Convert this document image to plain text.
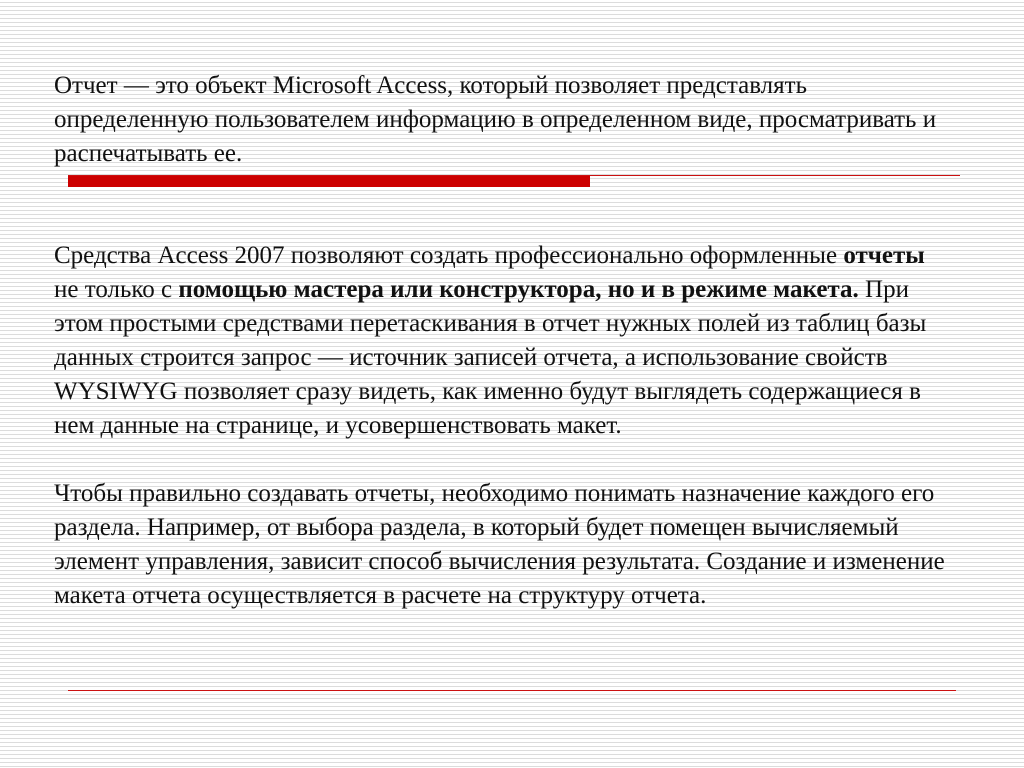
Отчет — это объект Microsoft Access, который позволяет представлять определенную пользователем информацию в определенном виде, просматривать и распечатывать ее.

Средства Access 2007 позволяют создать профессионально оформленные отчеты не только с помощью мастера или конструктора, но и в режиме макета. При этом простыми средствами перетаскивания в отчет нужных полей из таблиц базы данных строится запрос — источник записей отчета, а использование свойств WYSIWYG позволяет сразу видеть, как именно будут выглядеть содержащиеся в нем данные на странице, и усовершенствовать макет.

Чтобы правильно создавать отчеты, необходимо понимать назначение каждого его раздела. Например, от выбора раздела, в который будет помещен вычисляемый элемент управления, зависит способ вычисления результата. Создание и изменение макета отчета осуществляется в расчете на структуру отчета.
